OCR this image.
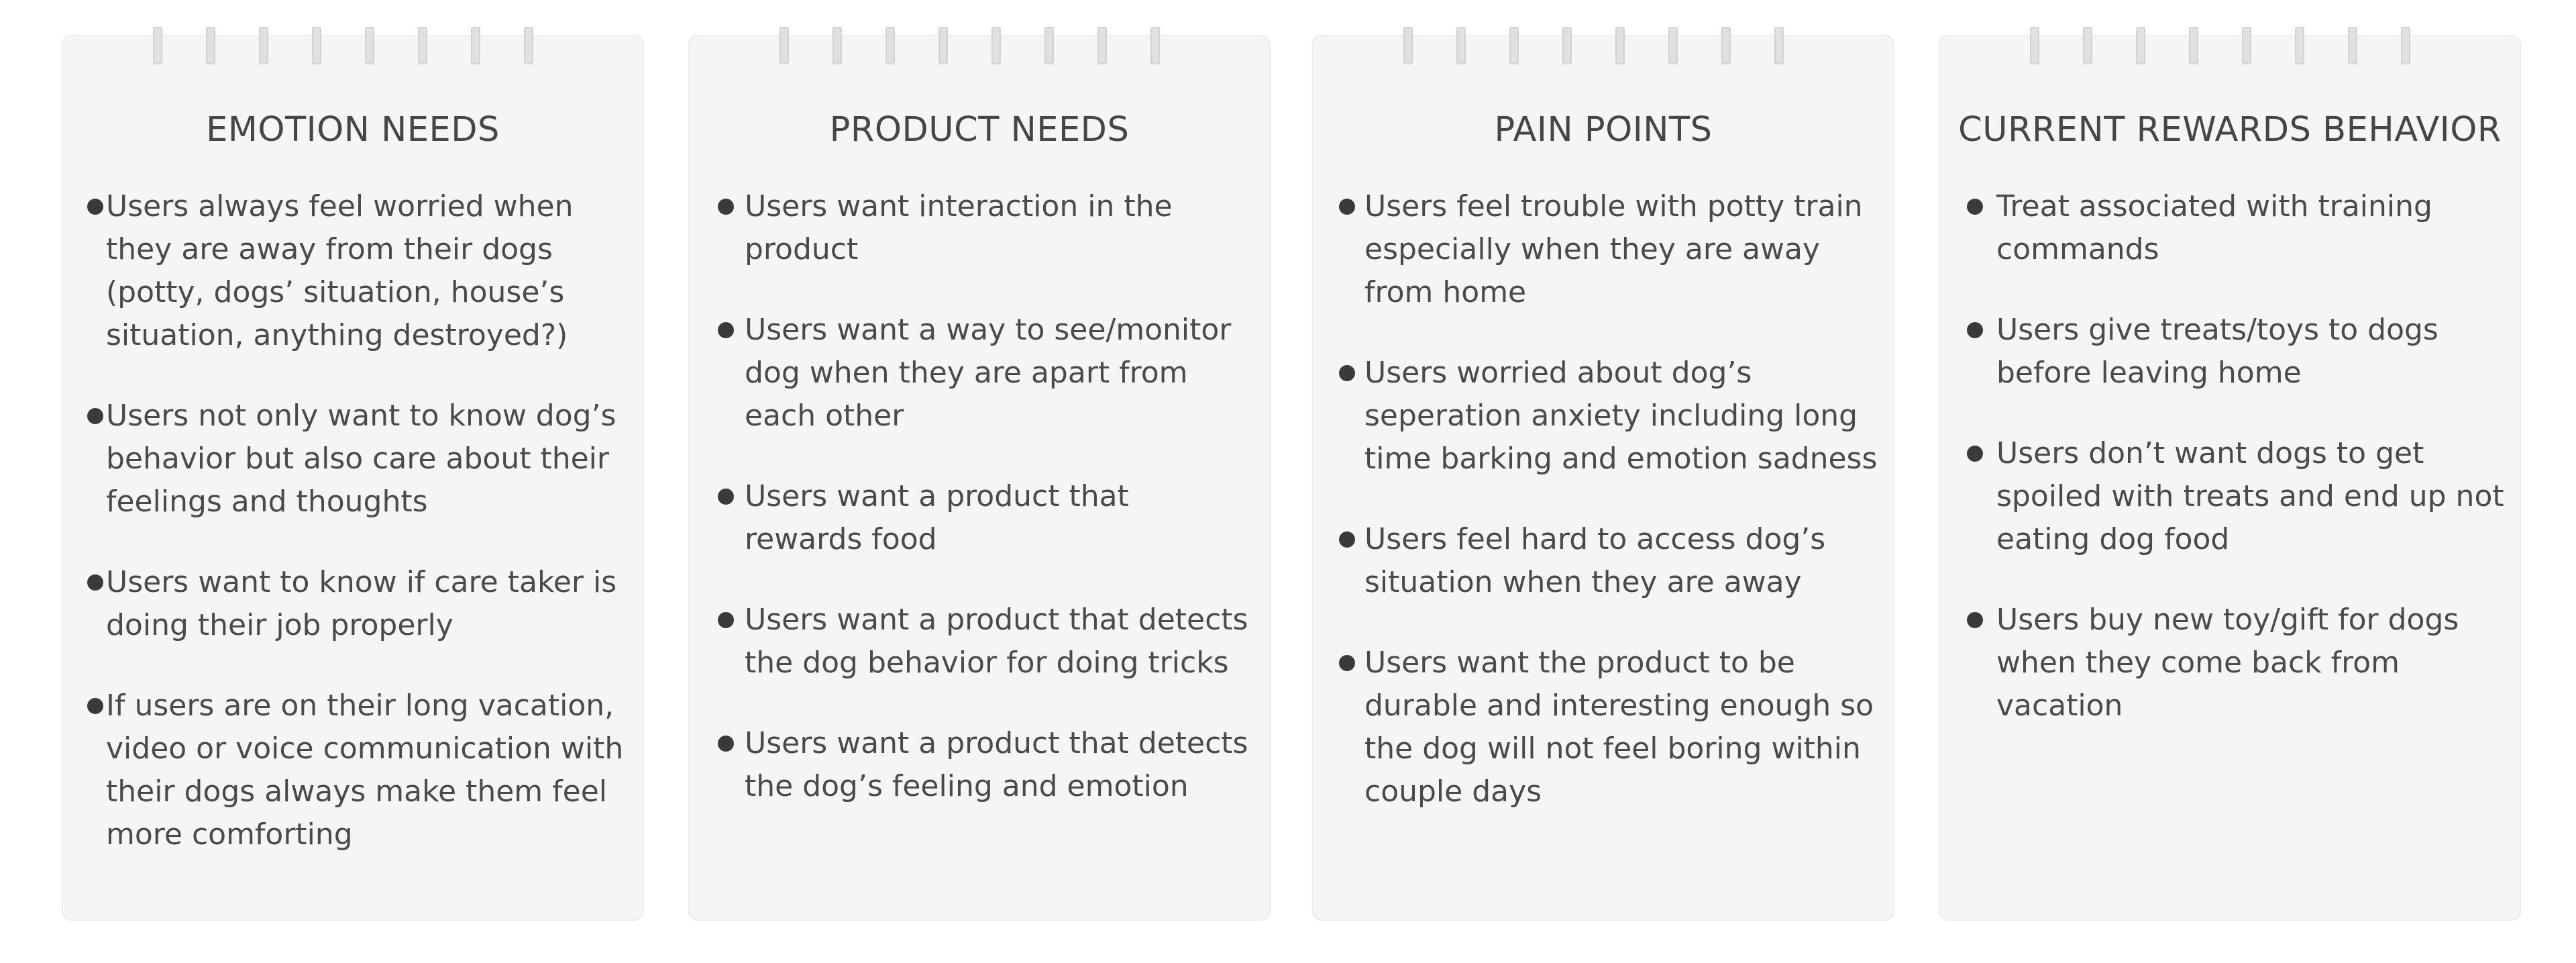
EMOTION NEEDS
Users always feel worried when they are away from their dogs (potty, dogs’ situation, house’s situation, anything destroyed?)
Users not only want to know dog’s behavior but also care about their feelings and thoughts
Users want to know if care taker is doing their job properly
If users are on their long vacation, video or voice communication with their dogs always make them feel more comforting
PRODUCT NEEDS
Users want interaction in the product
Users want a way to see/monitor dog when they are apart from each other
Users want a product that rewards food
Users want a product that detects the dog behavior for doing tricks
Users want a product that detects the dog’s feeling and emotion
PAIN POINTS
Users feel trouble with potty train especially when they are away from home
Users worried about dog’s seperation anxiety including long time barking and emotion sadness
Users feel hard to access dog’s situation when they are away
Users want the product to be durable and interesting enough so the dog will not feel boring within couple days
CURRENT REWARDS BEHAVIOR
Treat associated with training commands
Users give treats/toys to dogs before leaving home
Users don’t want dogs to get spoiled with treats and end up not eating dog food
Users buy new toy/gift for dogs when they come back from vacation
